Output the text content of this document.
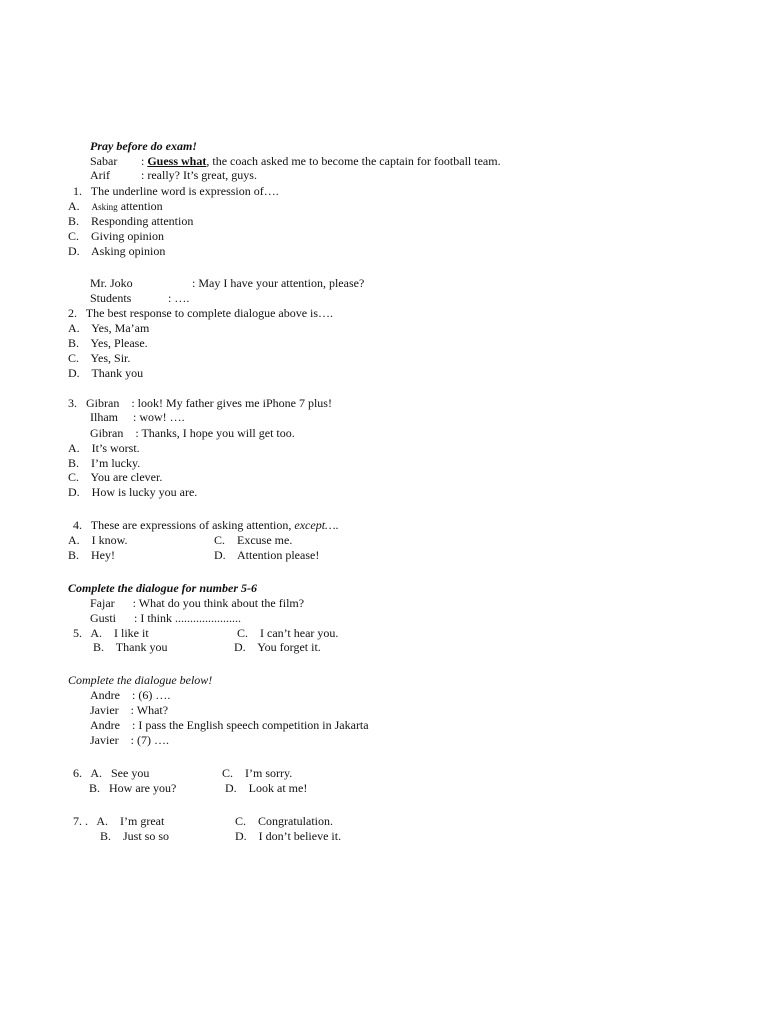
Pray before do exam!
Sabar : Guess what, the coach asked me to become the captain for football team.
Arif	: really? It’s great, guys.
1.   The underline word is expression of….
A. Asking attention
B.    Responding attention
C.    Giving opinion
D.    Asking opinion
Mr. Joko	: May I have your attention, please?
Students	: ….
2.   The best response to complete dialogue above is….
A.    Yes, Ma’am
B.    Yes, Please.
C.    Yes, Sir.
D.    Thank you
3.   Gibran    : look! My father gives me iPhone 7 plus!
Ilham     : wow! ….
Gibran    : Thanks, I hope you will get too.
A.    It’s worst.
B.    I’m lucky.
C.    You are clever.
D.    How is lucky you are.
4.   These are expressions of asking attention, except….
A.    I know.	C.    Excuse me.
B.    Hey!	D.    Attention please!
Complete the dialogue for number 5-6
Fajar      : What do you think about the film?
Gusti      : I think ......................
5.   A.    I like it	C.    I can’t hear you.
B.    Thank you	D.    You forget it.
Complete the dialogue below!
Andre    : (6) ….
Javier    : What?
Andre    : I pass the English speech competition in Jakarta
Javier    : (7) ….
6.   A.   See you	C.    I’m sorry.
B.   How are you?	D.    Look at me!
7. .   A.    I’m great	C.    Congratulation.
B.    Just so so	D.    I don’t believe it.
